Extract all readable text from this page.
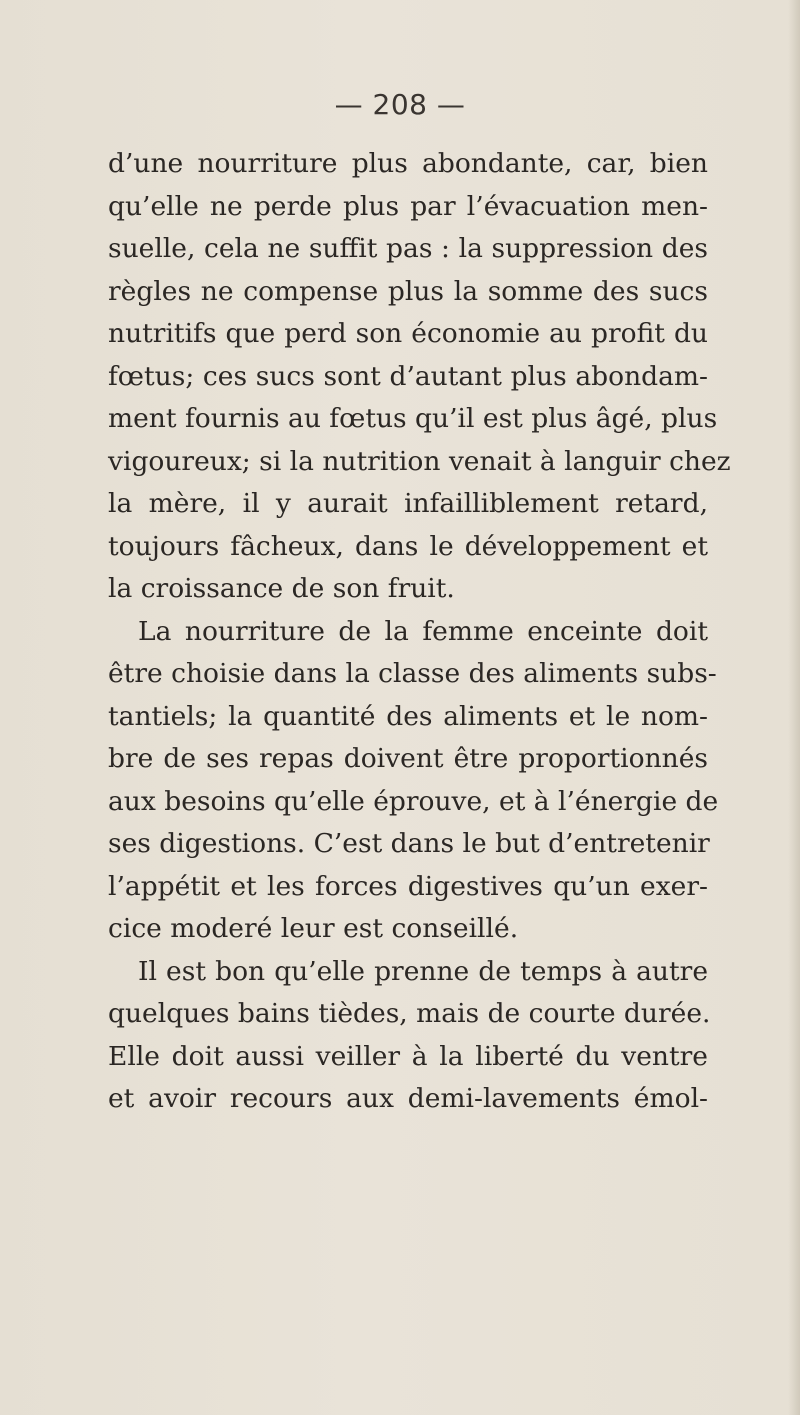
— 208 —
d’une nourriture plus abondante, car, bien
qu’elle ne perde plus par l’évacuation men-
suelle, cela ne suffit pas : la suppression des
règles ne compense plus la somme des sucs
nutritifs que perd son économie au profit du
fœtus; ces sucs sont d’autant plus abondam-
ment fournis au fœtus qu’il est plus âgé, plus
vigoureux; si la nutrition venait à languir chez
la mère, il y aurait infailliblement retard,
toujours fâcheux, dans le développement et
la croissance de son fruit.
La nourriture de la femme enceinte doit
être choisie dans la classe des aliments subs-
tantiels; la quantité des aliments et le nom-
bre de ses repas doivent être proportionnés
aux besoins qu’elle éprouve, et à l’énergie de
ses digestions. C’est dans le but d’entretenir
l’appétit et les forces digestives qu’un exer-
cice moderé leur est conseillé.
Il est bon qu’elle prenne de temps à autre
quelques bains tièdes, mais de courte durée.
Elle doit aussi veiller à la liberté du ventre
et avoir recours aux demi-lavements émol-
